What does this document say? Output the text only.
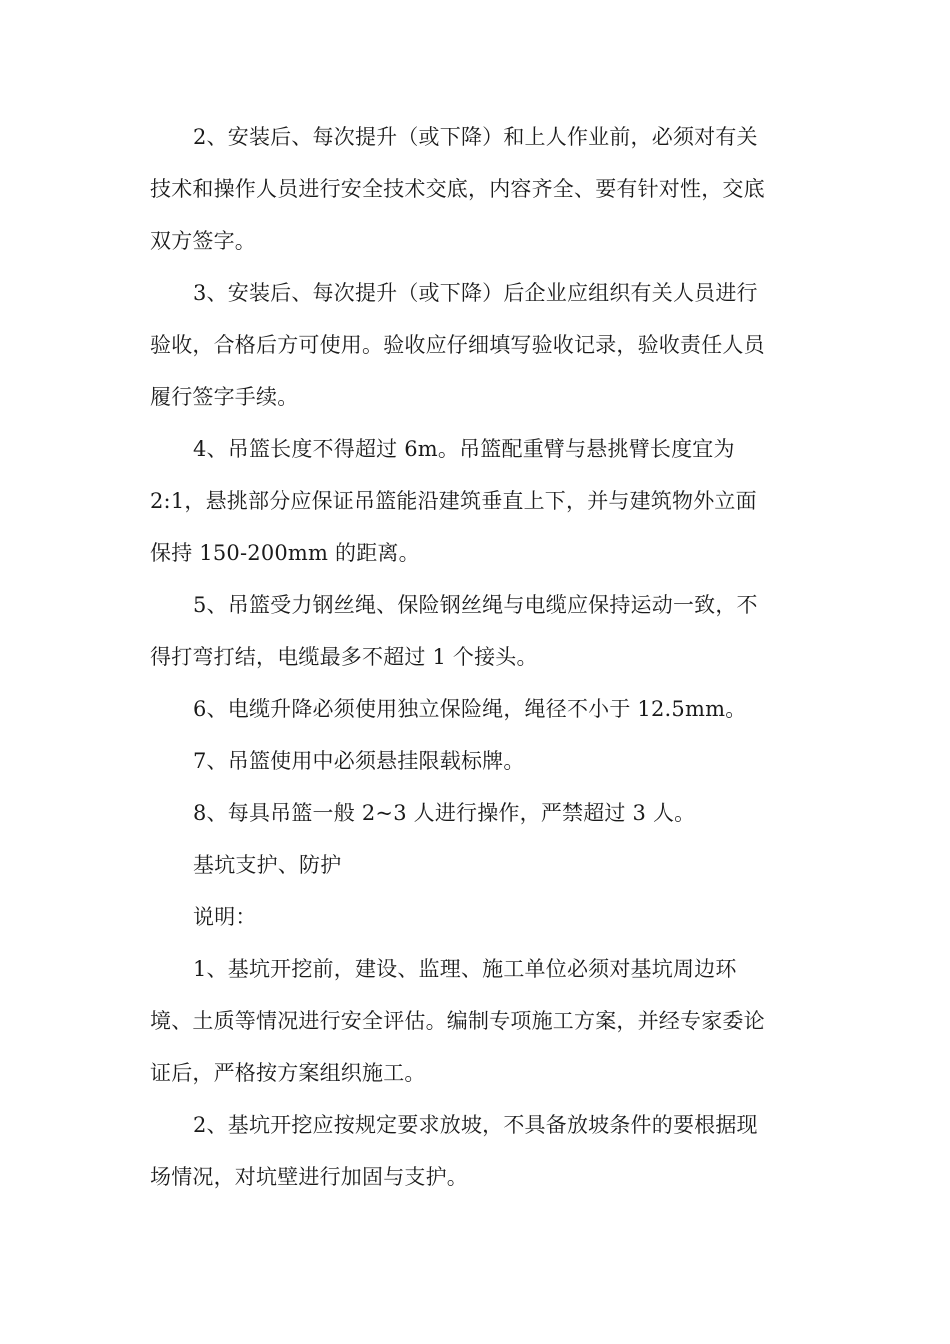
2、安装后、每次提升（或下降）和上人作业前，必须对有关
技术和操作人员进行安全技术交底，内容齐全、要有针对性，交底
双方签字。
3、安装后、每次提升（或下降）后企业应组织有关人员进行
验收，合格后方可使用。验收应仔细填写验收记录，验收责任人员
履行签字手续。
4、吊篮长度不得超过 6m。吊篮配重臂与悬挑臂长度宜为
2:1，悬挑部分应保证吊篮能沿建筑垂直上下，并与建筑物外立面
保持 150-200mm 的距离。
5、吊篮受力钢丝绳、保险钢丝绳与电缆应保持运动一致，不
得打弯打结，电缆最多不超过 1 个接头。
6、电缆升降必须使用独立保险绳，绳径不小于 12.5mm。
7、吊篮使用中必须悬挂限载标牌。
8、每具吊篮一般 2~3 人进行操作，严禁超过 3 人。
基坑支护、防护
说明：
1、基坑开挖前，建设、监理、施工单位必须对基坑周边环
境、土质等情况进行安全评估。编制专项施工方案，并经专家委论
证后，严格按方案组织施工。
2、基坑开挖应按规定要求放坡，不具备放坡条件的要根据现
场情况，对坑壁进行加固与支护。
